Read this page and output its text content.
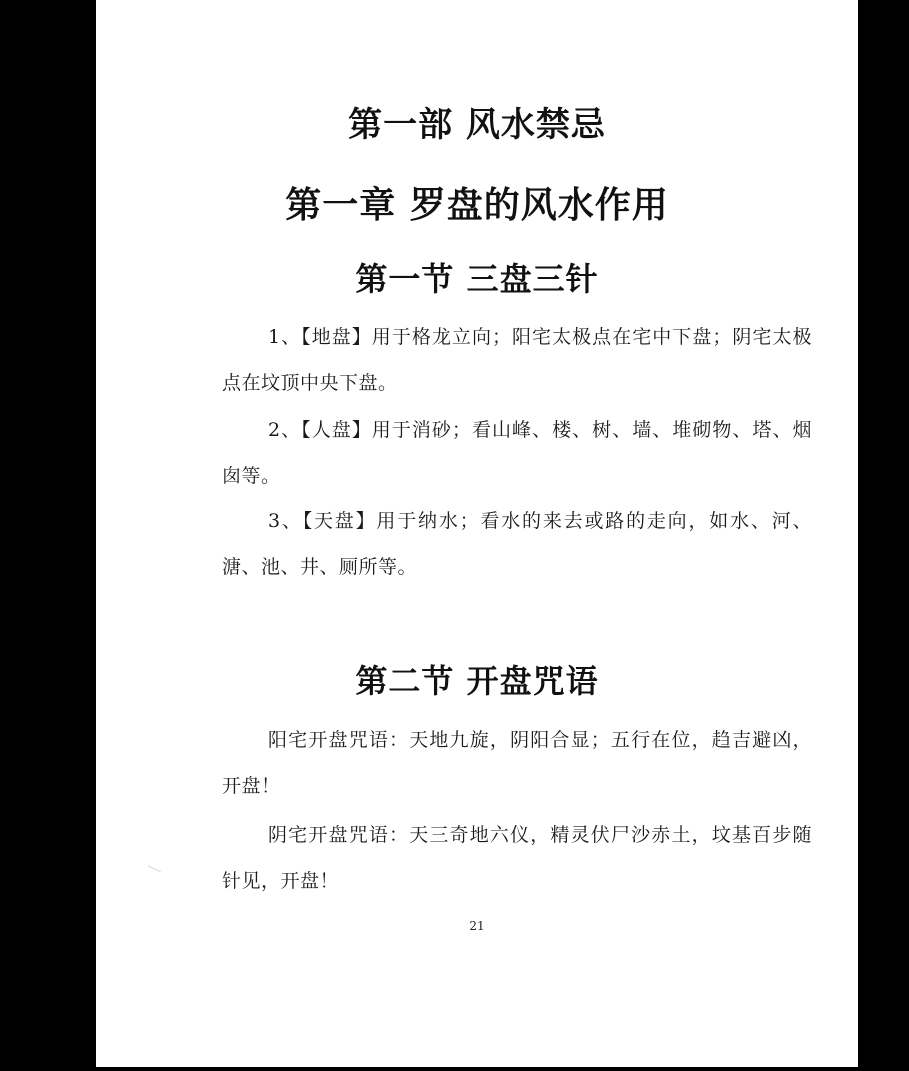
第一部 风水禁忌
第一章 罗盘的风水作用
第一节 三盘三针

1、【地盘】用于格龙立向；阳宅太极点在宅中下盘；阴宅太极点在坟顶中央下盘。

2、【人盘】用于消砂；看山峰、楼、树、墙、堆砌物、塔、烟囱等。

3、【天盘】用于纳水；看水的来去或路的走向，如水、河、溏、池、井、厕所等。

第二节 开盘咒语

阳宅开盘咒语：天地九旋，阴阳合显；五行在位，趋吉避凶，开盘！

阴宅开盘咒语：天三奇地六仪，精灵伏尸沙赤土，坟基百步随针见，开盘！

21
